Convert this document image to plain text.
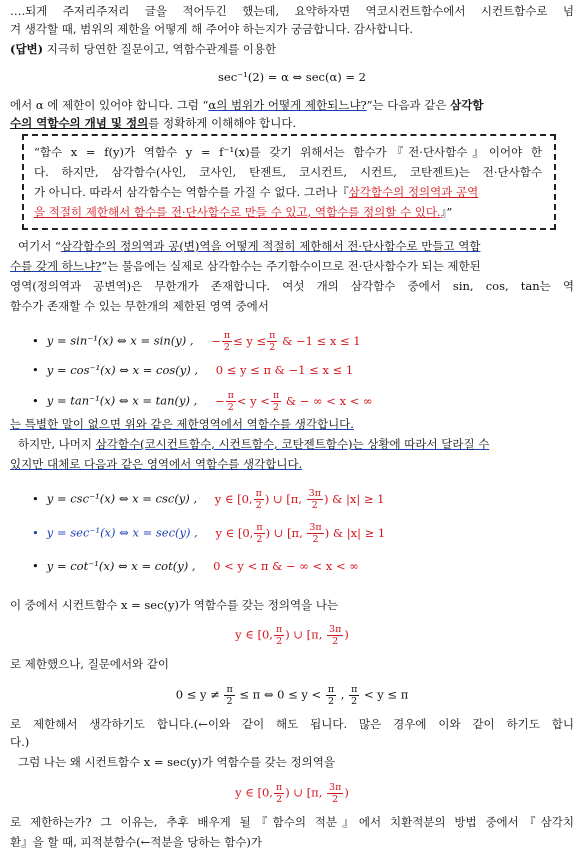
….되게 주저리주저리 글을 적어두긴 했는데, 요약하자면 역코시컨트함수에서 시컨트함수로 넘
겨 생각할 때, 범위의 제한을 어떻게 해 주어야 하는지가 궁금합니다. 감사합니다.
(답변) 지극히 당연한 질문이고, 역함수관계를 이용한
sec⁻¹(2) = α ⇔ sec(α) = 2
에서 α 에 제한이 있어야 합니다. 그럼 “α의 범위가 어떻게 제한되느냐?”는 다음과 같은 삼각함
수의 역함수의 개념 및 정의를 정확하게 이해해야 합니다.
“함수 x = f(y)가 역함수 y = f⁻¹(x)를 갖기 위해서는 함수가『전·단사함수』이어야 한
다. 하지만, 삼각함수(사인, 코사인, 탄젠트, 코시컨트, 시컨트, 코탄젠트)는 전·단사함수
가 아니다. 따라서 삼각함수는 역함수를 가질 수 없다. 그러나『삼각함수의 정의역과 공역
을 적절히 제한해서 함수를 전·단사함수로 만들 수 있고, 역함수를 정의할 수 있다.』”
여기서 “삼각함수의 정의역과 공(변)역을 어떻게 적절히 제한해서 전·단사함수로 만들고 역함
수를 갖게 하느냐?”는 물음에는 실제로 삼각함수는 주기함수이므로 전·단사함수가 되는 제한된
영역(정의역과 공변역)은 무한개가 존재합니다. 여섯 개의 삼각함수 중에서 sin, cos, tan는 역
함수가 존재할 수 있는 무한개의 제한된 영역 중에서
• y = sin⁻¹(x) ⇔ x = sin(y) , − $\frac{\pi}{2} \le y \le \frac{\pi}{2}$ & −1 ≤ x ≤ 1
• y = cos⁻¹(x) ⇔ x = cos(y) , 0 ≤ y ≤ π & −1 ≤ x ≤ 1
• y = tan⁻¹(x) ⇔ x = tan(y) , − $\frac{\pi}{2} < y < \frac{\pi}{2}$ & − ∞ < x < ∞
는 특별한 말이 없으면 위와 같은 제한영역에서 역함수를 생각합니다.
하지만, 나머지 삼각함수(코시컨트함수, 시컨트함수, 코탄젠트함수)는 상황에 따라서 달라질 수
있지만 대체로 다음과 같은 영역에서 역함수를 생각합니다.
• y = csc⁻¹(x) ⇔ x = csc(y) , y ∈ [0, $\frac{\pi}{2}$ ) ∪ [π, $\frac{3\pi}{2}$ ) & |x| ≥ 1
• y = sec⁻¹(x) ⇔ x = sec(y) , y ∈ [0, $\frac{\pi}{2}$ ) ∪ [π, $\frac{3\pi}{2}$ ) & |x| ≥ 1
• y = cot⁻¹(x) ⇔ x = cot(y) , 0 < y < π & − ∞ < x < ∞
이 중에서 시컨트함수 x = sec(y)가 역함수를 갖는 정의역을 나는
y ∈ [0, $\frac{\pi}{2}$ ) ∪ [π, $\frac{3\pi}{2}$ )
로 제한했으나, 질문에서와 같이
$0 \le y \ne \frac{\pi}{2} \le \pi$ ⇔ $0 \le y < \frac{\pi}{2}$ , $\frac{\pi}{2} < y \le \pi$
로 제한해서 생각하기도 합니다.(←이와 같이 해도 됩니다. 많은 경우에 이와 같이 하기도 합니
다.)
그럼 나는 왜 시컨트함수 x = sec(y)가 역함수를 갖는 정의역을
y ∈ [0, $\frac{\pi}{2}$ ) ∪ [π, $\frac{3\pi}{2}$ )
로 제한하는가? 그 이유는, 추후 배우게 될『함수의 적분』에서 치환적분의 방법 중에서『삼각치
환』을 할 때, 피적분함수(←적분을 당하는 함수)가
